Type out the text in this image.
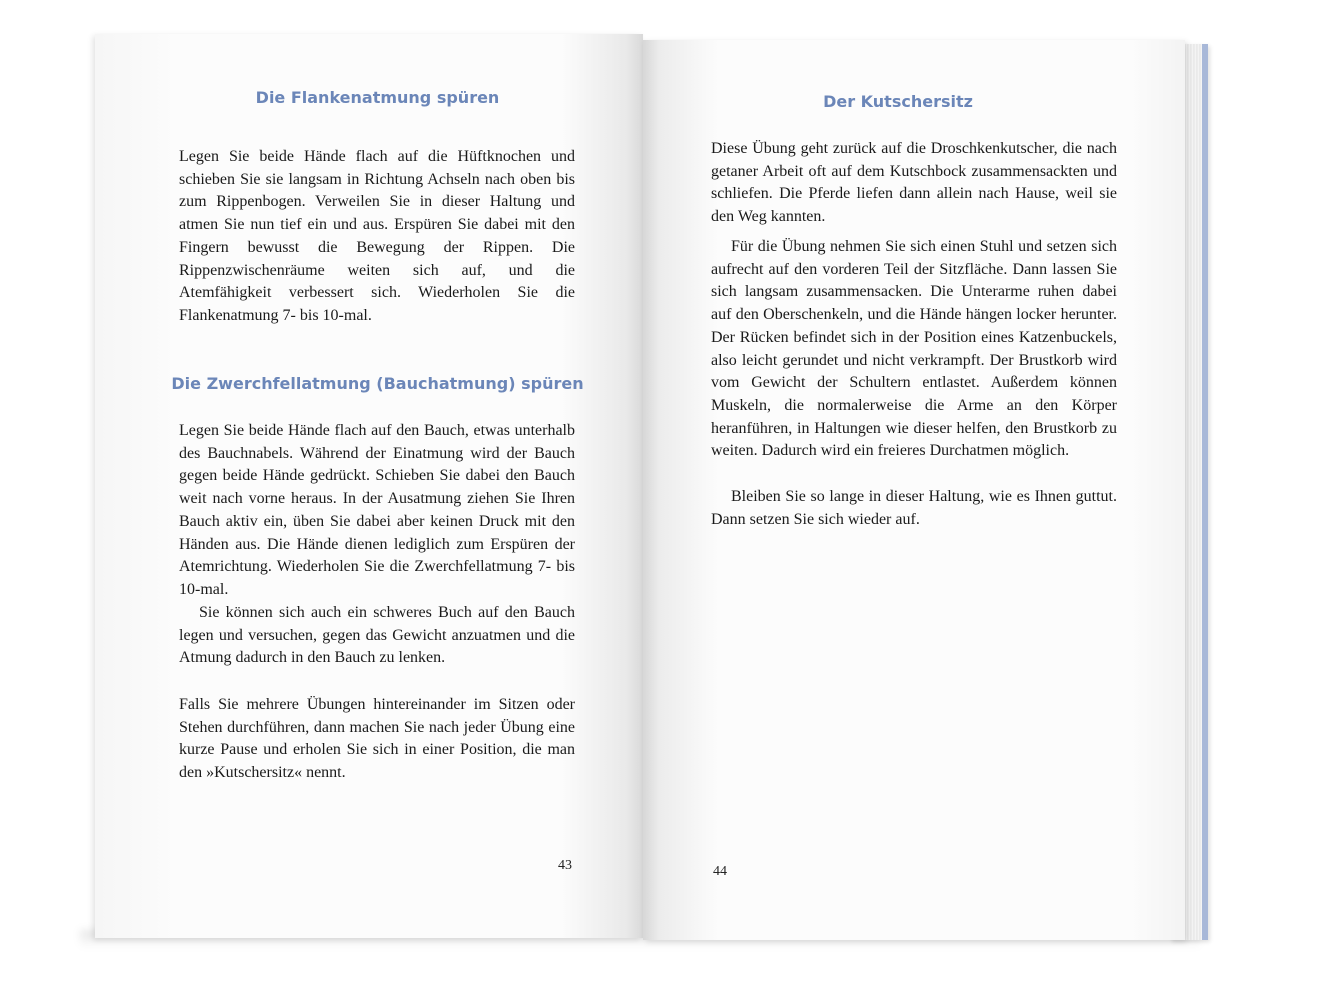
Die Flankenatmung spüren

Legen Sie beide Hände flach auf die Hüftknochen und schieben Sie sie langsam in Richtung Achseln nach oben bis zum Rippenbogen. Verweilen Sie in dieser Haltung und atmen Sie nun tief ein und aus. Erspüren Sie dabei mit den Fingern bewusst die Bewegung der Rippen. Die Rippenzwischenräume weiten sich auf, und die Atemfähigkeit verbessert sich. Wiederholen Sie die Flankenatmung 7- bis 10-mal.

Die Zwerchfellatmung (Bauchatmung) spüren

Legen Sie beide Hände flach auf den Bauch, etwas unterhalb des Bauchnabels. Während der Einatmung wird der Bauch gegen beide Hände gedrückt. Schieben Sie dabei den Bauch weit nach vorne heraus. In der Ausatmung ziehen Sie Ihren Bauch aktiv ein, üben Sie dabei aber keinen Druck mit den Händen aus. Die Hände dienen lediglich zum Erspüren der Atemrichtung. Wiederholen Sie die Zwerchfellatmung 7- bis 10-mal.

Sie können sich auch ein schweres Buch auf den Bauch legen und versuchen, gegen das Gewicht anzuatmen und die Atmung dadurch in den Bauch zu lenken.

Falls Sie mehrere Übungen hintereinander im Sitzen oder Stehen durchführen, dann machen Sie nach jeder Übung eine kurze Pause und erholen Sie sich in einer Position, die man den »Kutschersitz« nennt.

43
Der Kutschersitz

Diese Übung geht zurück auf die Droschkenkutscher, die nach getaner Arbeit oft auf dem Kutschbock zusammensackten und schliefen. Die Pferde liefen dann allein nach Hause, weil sie den Weg kannten.

Für die Übung nehmen Sie sich einen Stuhl und setzen sich aufrecht auf den vorderen Teil der Sitzfläche. Dann lassen Sie sich langsam zusammensacken. Die Unterarme ruhen dabei auf den Oberschenkeln, und die Hände hängen locker herunter. Der Rücken befindet sich in der Position eines Katzenbuckels, also leicht gerundet und nicht verkrampft. Der Brustkorb wird vom Gewicht der Schultern entlastet. Außerdem können Muskeln, die normalerweise die Arme an den Körper heranführen, in Haltungen wie dieser helfen, den Brustkorb zu weiten. Dadurch wird ein freieres Durchatmen möglich.

Bleiben Sie so lange in dieser Haltung, wie es Ihnen guttut. Dann setzen Sie sich wieder auf.

44
